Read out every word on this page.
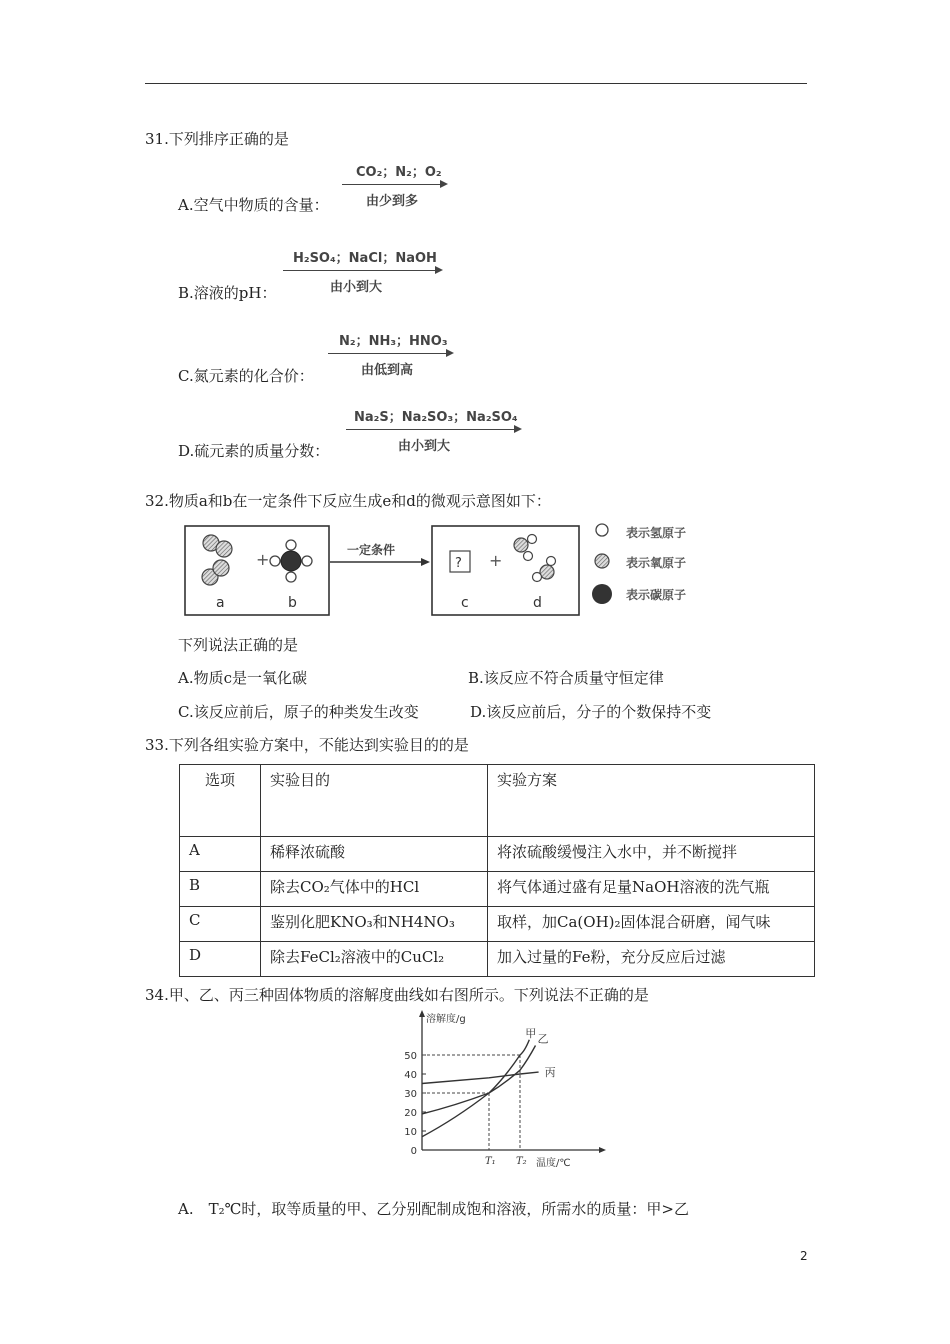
31.下列排序正确的是
A.空气中物质的含量：
CO₂；N₂；O₂
由少到多
B.溶液的pH：
H₂SO₄；NaCl；NaOH
由小到大
C.氮元素的化合价：
N₂；NH₃；HNO₃
由低到高
D.硫元素的质量分数：
Na₂S；Na₂SO₃；Na₂SO₄
由小到大
32.物质a和b在一定条件下反应生成e和d的微观示意图如下：
+
a	b
一定条件
? +
c	d
表示氢原子
表示氧原子
表示碳原子
下列说法正确的是
A.物质c是一氧化碳	B.该反应不符合质量守恒定律
C.该反应前后，原子的种类发生改变	D.该反应前后，分子的个数保持不变
33.下列各组实验方案中，不能达到实验目的的是
选项	实验目的	实验方案
A	稀释浓硫酸	将浓硫酸缓慢注入水中，并不断搅拌
B	除去CO₂气体中的HCl	将气体通过盛有足量NaOH溶液的洗气瓶
C	鉴别化肥KNO₃和NH4NO₃	取样，加Ca(OH)₂固体混合研磨，闻气味
D	除去FeCl₂溶液中的CuCl₂	加入过量的Fe粉，充分反应后过滤
34.甲、乙、丙三种固体物质的溶解度曲线如右图所示。下列说法不正确的是
0
10
20
30
40
50
溶解度/g
T₁ T₂ 温度/℃
甲 乙
丙
A.　T₂℃时，取等质量的甲、乙分别配制成饱和溶液，所需水的质量：甲>乙
2
